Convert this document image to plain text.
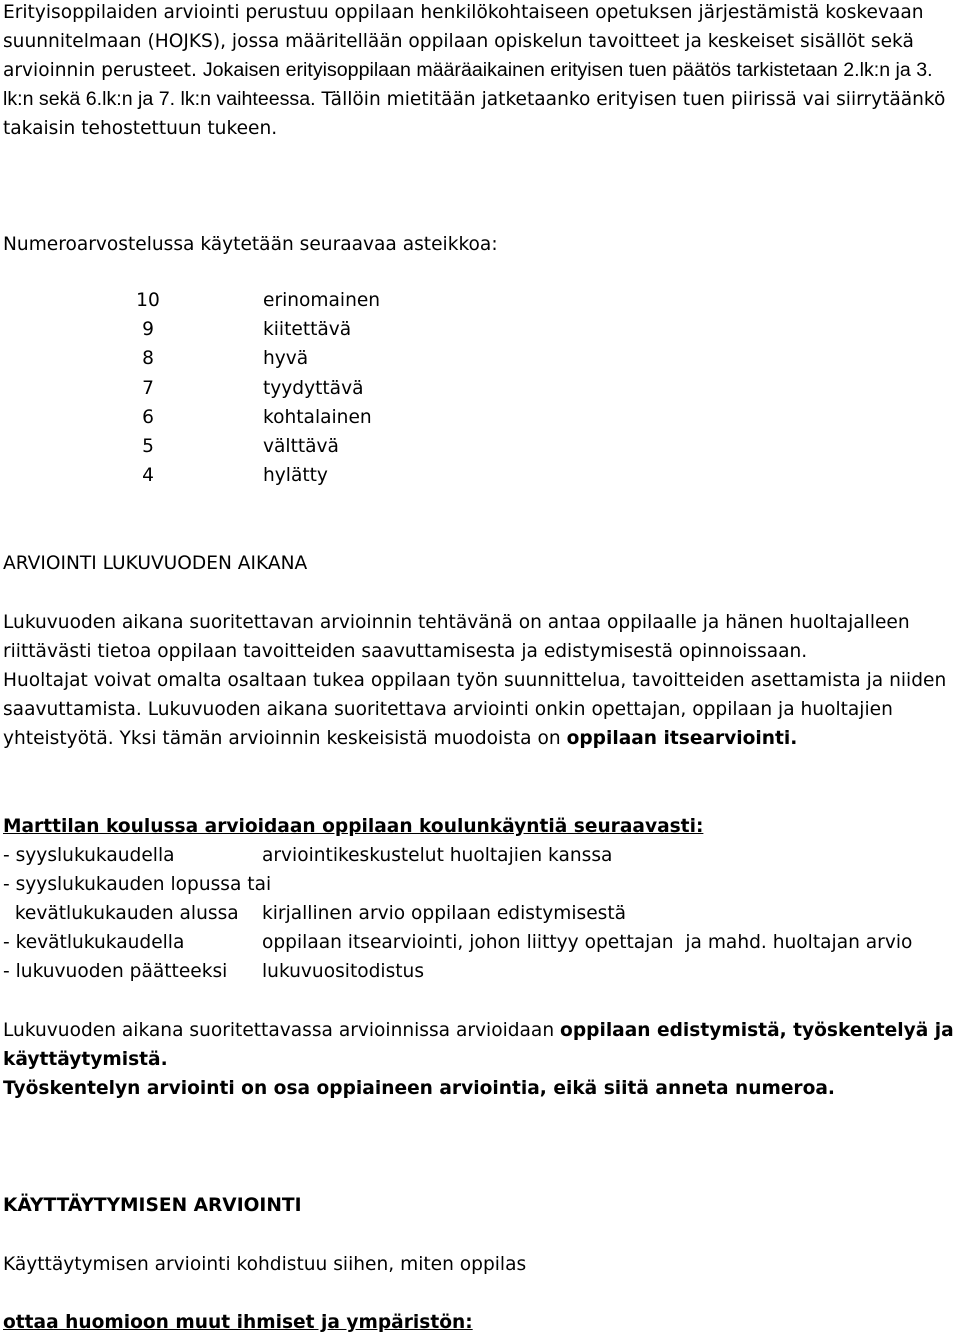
Erityisoppilaiden arviointi perustuu oppilaan henkilökohtaiseen opetuksen järjestämistä koskevaan suunnitelmaan (HOJKS), jossa määritellään oppilaan opiskelun tavoitteet ja keskeiset sisällöt sekä arvioinnin perusteet. Jokaisen erityisoppilaan määräaikainen erityisen tuen päätös tarkistetaan 2.lk:n ja 3. lk:n sekä 6.lk:n ja 7. lk:n vaihteessa. Tällöin mietitään jatketaanko erityisen tuen piirissä vai siirrytäänkö takaisin tehostettuun tukeen.

Numeroarvostelussa käytetään seuraavaa asteikkoa:

10	erinomainen
9	kiitettävä
8	hyvä
7	tyydyttävä
6	kohtalainen
5	välttävä
4	hylätty

ARVIOINTI LUKUVUODEN AIKANA

Lukuvuoden aikana suoritettavan arvioinnin tehtävänä on antaa oppilaalle ja hänen huoltajalleen riittävästi tietoa oppilaan tavoitteiden saavuttamisesta ja edistymisestä opinnoissaan.

Huoltajat voivat omalta osaltaan tukea oppilaan työn suunnittelua, tavoitteiden asettamista ja niiden saavuttamista. Lukuvuoden aikana suoritettava arviointi onkin opettajan, oppilaan ja huoltajien yhteistyötä. Yksi tämän arvioinnin keskeisistä muodoista on oppilaan itsearviointi.

Marttilan koulussa arvioidaan oppilaan koulunkäyntiä seuraavasti:

- syyslukukaudella	arviointikeskustelut huoltajien kanssa
- syyslukukauden lopussa tai
kevätlukukauden alussa	kirjallinen arvio oppilaan edistymisestä
- kevätlukukaudella	oppilaan itsearviointi, johon liittyy opettajan  ja mahd. huoltajan arvio
- lukuvuoden päätteeksi	lukuvuositodistus

Lukuvuoden aikana suoritettavassa arvioinnissa arvioidaan oppilaan edistymistä, työskentelyä ja käyttäytymistä.

Työskentelyn arviointi on osa oppiaineen arviointia, eikä siitä anneta numeroa.

KÄYTTÄYTYMISEN ARVIOINTI

Käyttäytymisen arviointi kohdistuu siihen, miten oppilas

ottaa huomioon muut ihmiset ja ympäristön:
